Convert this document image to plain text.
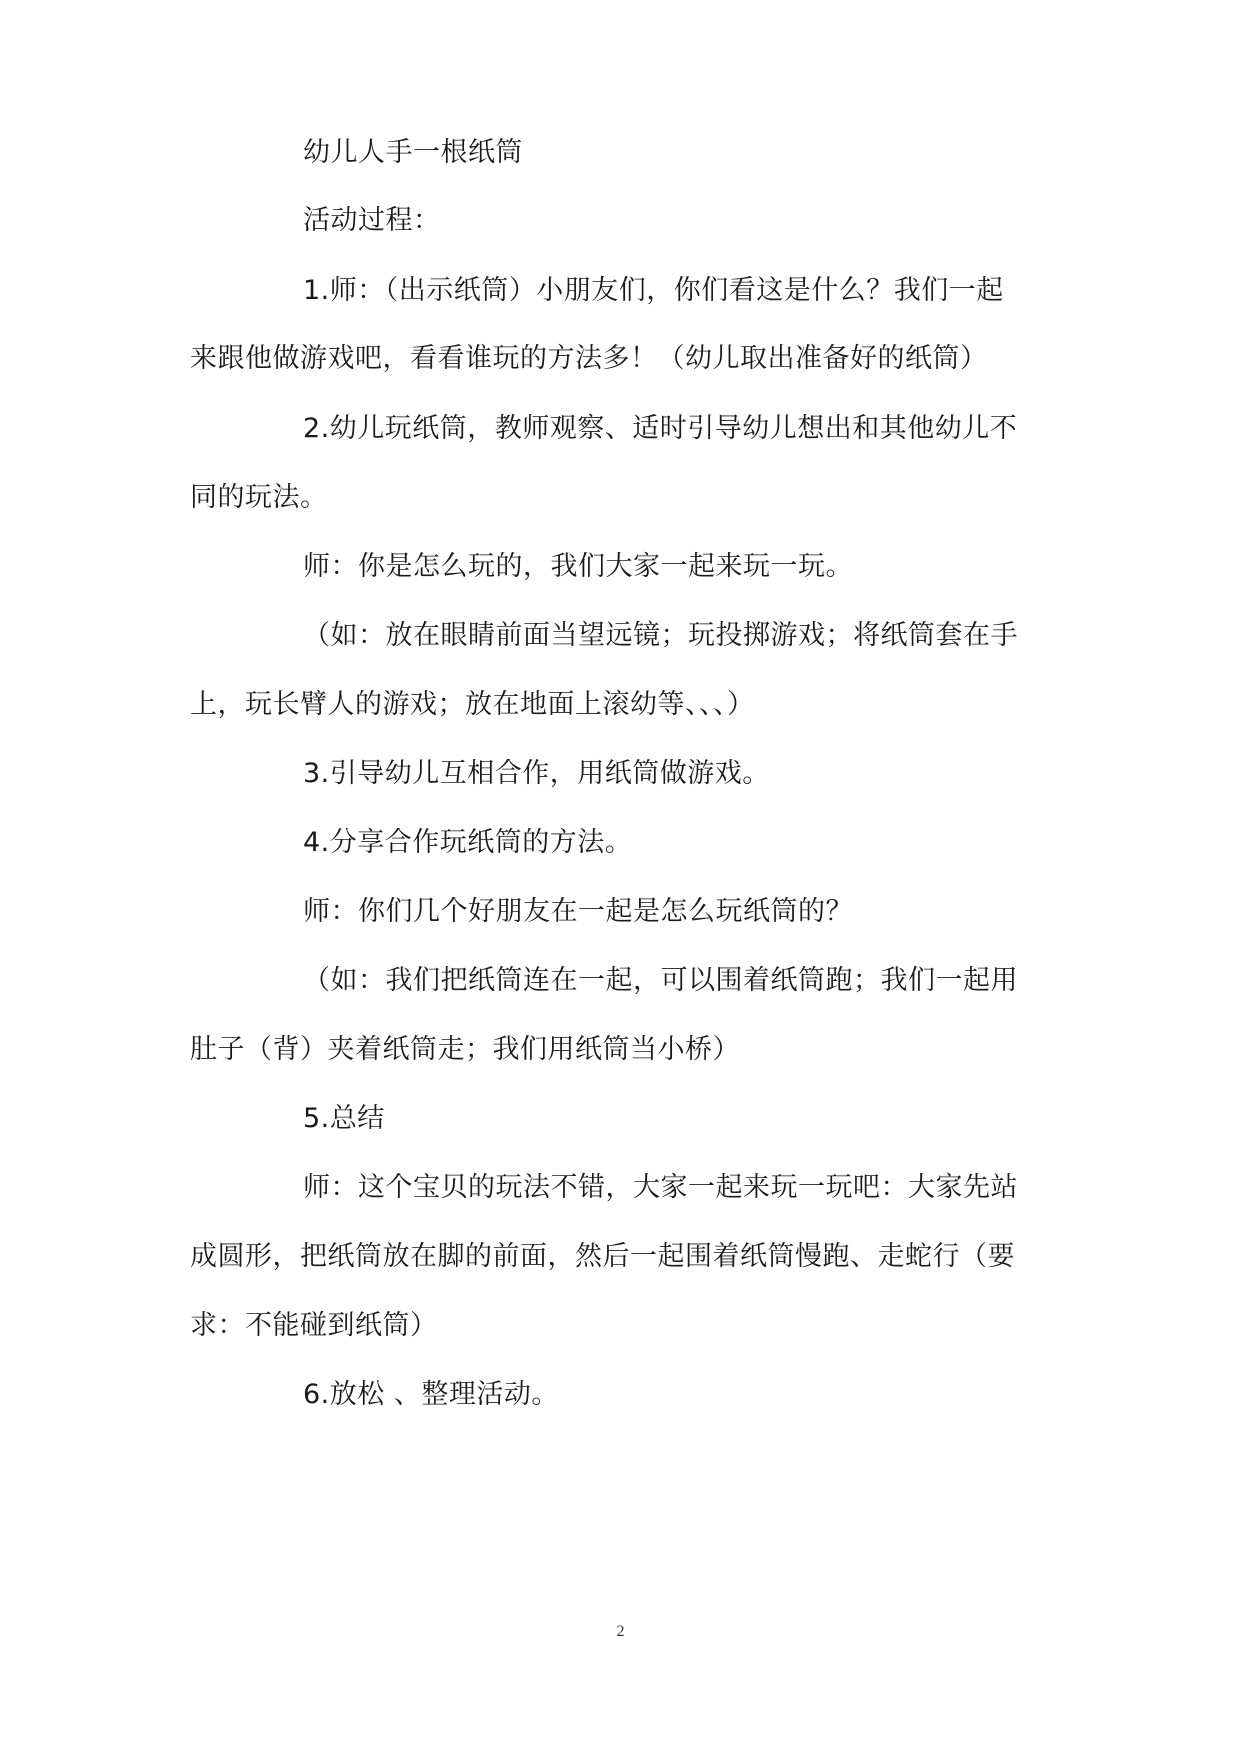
幼儿人手一根纸筒

活动过程：

1.师：（出示纸筒）小朋友们，你们看这是什么？我们一起

来跟他做游戏吧，看看谁玩的方法多！（幼儿取出准备好的纸筒）

2.幼儿玩纸筒，教师观察、适时引导幼儿想出和其他幼儿不

同的玩法。

师：你是怎么玩的，我们大家一起来玩一玩。

（如：放在眼睛前面当望远镜；玩投掷游戏；将纸筒套在手

上，玩长臂人的游戏；放在地面上滚幼等、、、）

3.引导幼儿互相合作，用纸筒做游戏。

4.分享合作玩纸筒的方法。

师：你们几个好朋友在一起是怎么玩纸筒的？

（如：我们把纸筒连在一起，可以围着纸筒跑；我们一起用

肚子（背）夹着纸筒走；我们用纸筒当小桥）

5.总结

师：这个宝贝的玩法不错，大家一起来玩一玩吧：大家先站

成圆形，把纸筒放在脚的前面，然后一起围着纸筒慢跑、走蛇行（要

求：不能碰到纸筒）

6.放松 、整理活动。

2
